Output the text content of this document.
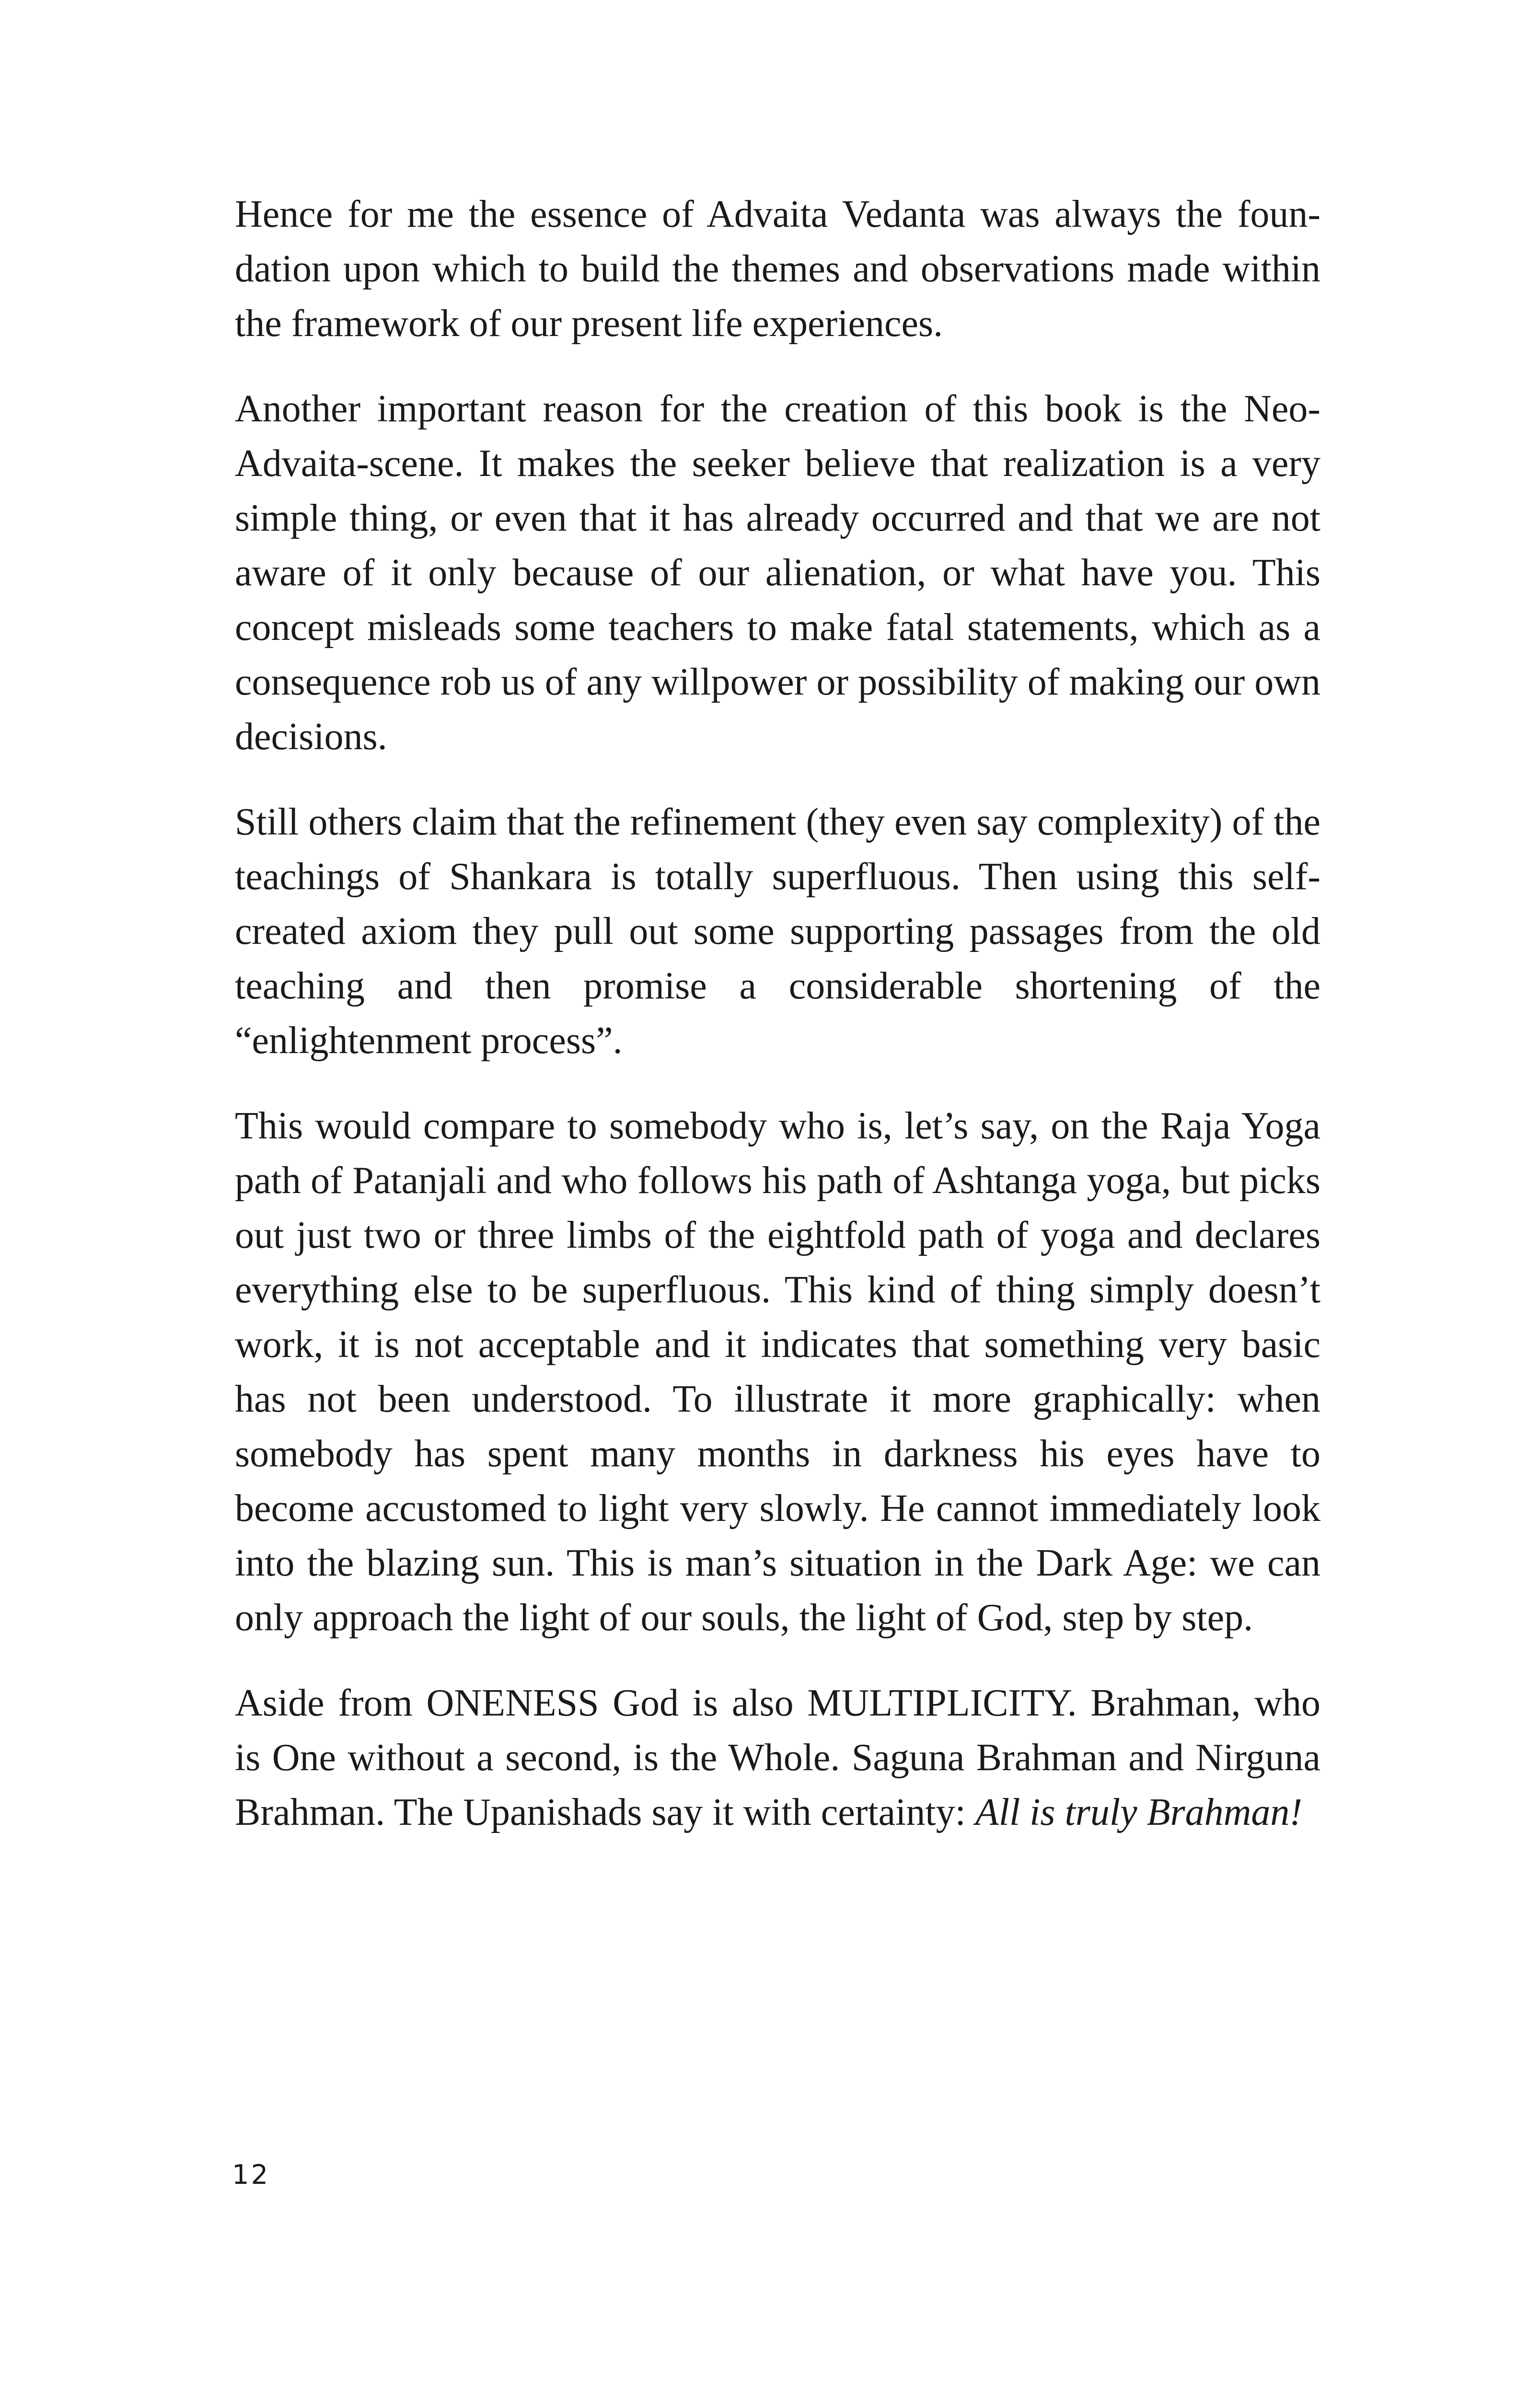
Hence for me the essence of Advaita Vedanta was always the foundation upon which to build the themes and observations made within the framework of our present life experiences.

Another important reason for the creation of this book is the Neo-Advaita-scene. It makes the seeker believe that realization is a very simple thing, or even that it has already occurred and that we are not aware of it only because of our alienation, or what have you. This concept misleads some teachers to make fatal statements, which as a consequence rob us of any willpower or possibility of making our own decisions.

Still others claim that the refinement (they even say complexity) of the teachings of Shankara is totally superfluous. Then using this self-created axiom they pull out some supporting passages from the old teaching and then promise a considerable shortening of the “enlightenment process”.

This would compare to somebody who is, let’s say, on the Raja Yoga path of Patanjali and who follows his path of Ashtanga yoga, but picks out just two or three limbs of the eightfold path of yoga and declares everything else to be superfluous. This kind of thing simply doesn’t work, it is not acceptable and it indicates that something very basic has not been understood. To illustrate it more graphically: when somebody has spent many months in darkness his eyes have to become accustomed to light very slowly. He cannot immediately look into the blazing sun. This is man’s situation in the Dark Age: we can only approach the light of our souls, the light of God, step by step.

Aside from ONENESS God is also MULTIPLICITY. Brahman, who is One without a second, is the Whole. Saguna Brahman and Nirguna Brahman. The Upanishads say it with certainty: All is truly Brahman!

12
